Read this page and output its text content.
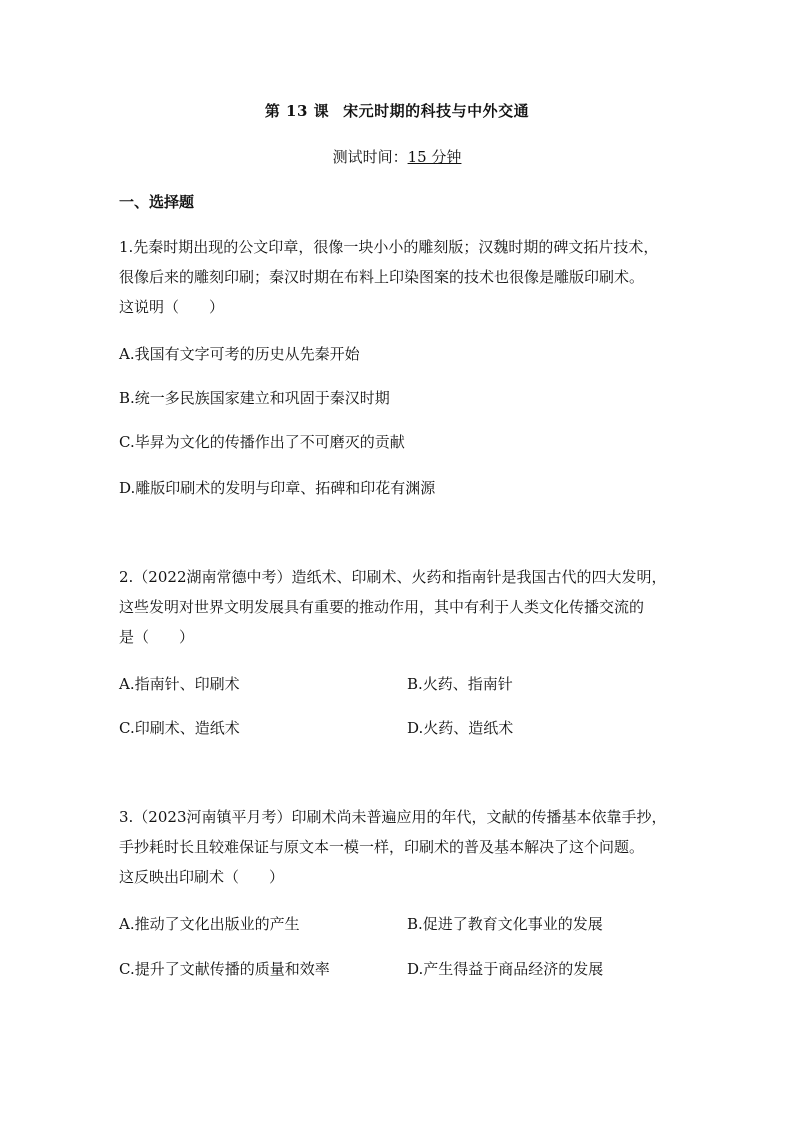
第 13 课 宋元时期的科技与中外交通
测试时间：15 分钟
一、选择题

1.先秦时期出现的公文印章，很像一块小小的雕刻版；汉魏时期的碑文拓片技术，

很像后来的雕刻印刷；秦汉时期在布料上印染图案的技术也很像是雕版印刷术。

这说明（　　）

A.我国有文字可考的历史从先秦开始
B.统一多民族国家建立和巩固于秦汉时期
C.毕昇为文化的传播作出了不可磨灭的贡献
D.雕版印刷术的发明与印章、拓碑和印花有渊源

2.（2022湖南常德中考）造纸术、印刷术、火药和指南针是我国古代的四大发明，

这些发明对世界文明发展具有重要的推动作用，其中有利于人类文化传播交流的

是（　　）

A.指南针、印刷术	B.火药、指南针
C.印刷术、造纸术	D.火药、造纸术

3.（2023河南镇平月考）印刷术尚未普遍应用的年代，文献的传播基本依靠手抄，

手抄耗时长且较难保证与原文本一模一样，印刷术的普及基本解决了这个问题。

这反映出印刷术（　　）

A.推动了文化出版业的产生	B.促进了教育文化事业的发展
C.提升了文献传播的质量和效率	D.产生得益于商品经济的发展
